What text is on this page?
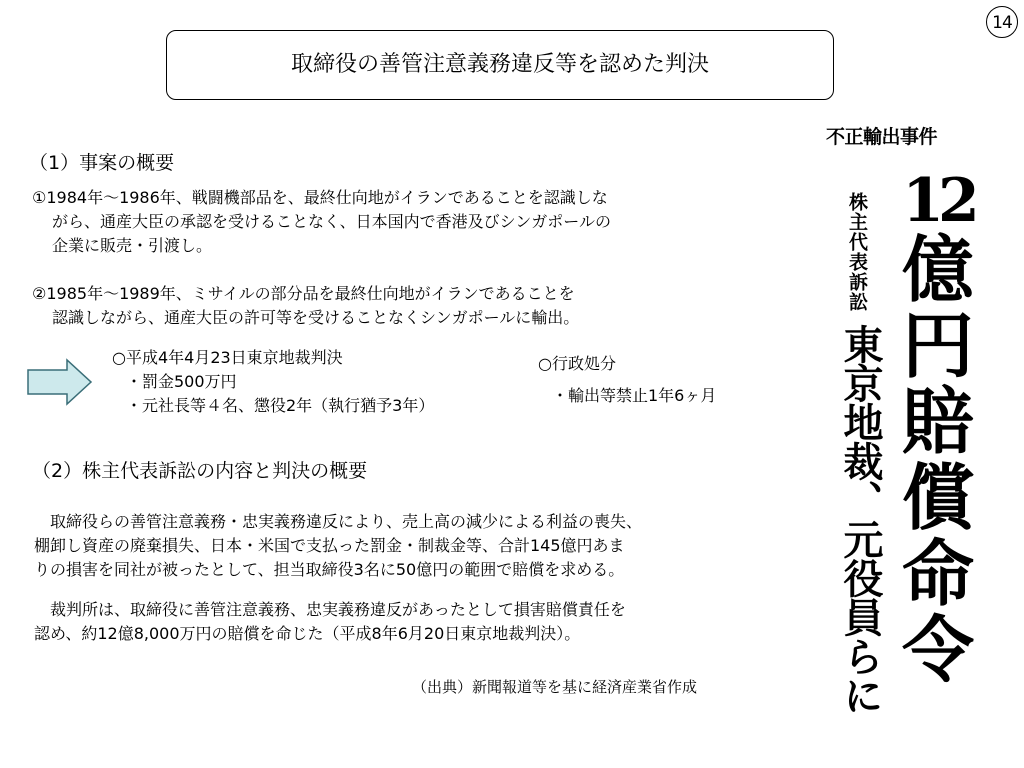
14
取締役の善管注意義務違反等を認めた判決
（1）事案の概要
①1984年～1986年、戦闘機部品を、最終仕向地がイランであることを認識しな
がら、通産大臣の承認を受けることなく、日本国内で香港及びシンガポールの
企業に販売・引渡し。
②1985年～1989年、ミサイルの部分品を最終仕向地がイランであることを
認識しながら、通産大臣の許可等を受けることなくシンガポールに輸出。
○平成4年4月23日東京地裁判決
・罰金500万円
・元社長等４名、懲役2年（執行猶予3年）
○行政処分
・輸出等禁止1年6ヶ月
（2）株主代表訴訟の内容と判決の概要
　取締役らの善管注意義務・忠実義務違反により、売上高の減少による利益の喪失、
棚卸し資産の廃棄損失、日本・米国で支払った罰金・制裁金等、合計145億円あま
りの損害を同社が被ったとして、担当取締役3名に50億円の範囲で賠償を求める。
　裁判所は、取締役に善管注意義務、忠実義務違反があったとして損害賠償責任を
認め、約12億8,000万円の賠償を命じた（平成8年6月20日東京地裁判決）。
（出典）新聞報道等を基に経済産業省作成
不正輸出事件
株主代表訴訟
東京地裁、元役員らに
12
億円賠償命令
